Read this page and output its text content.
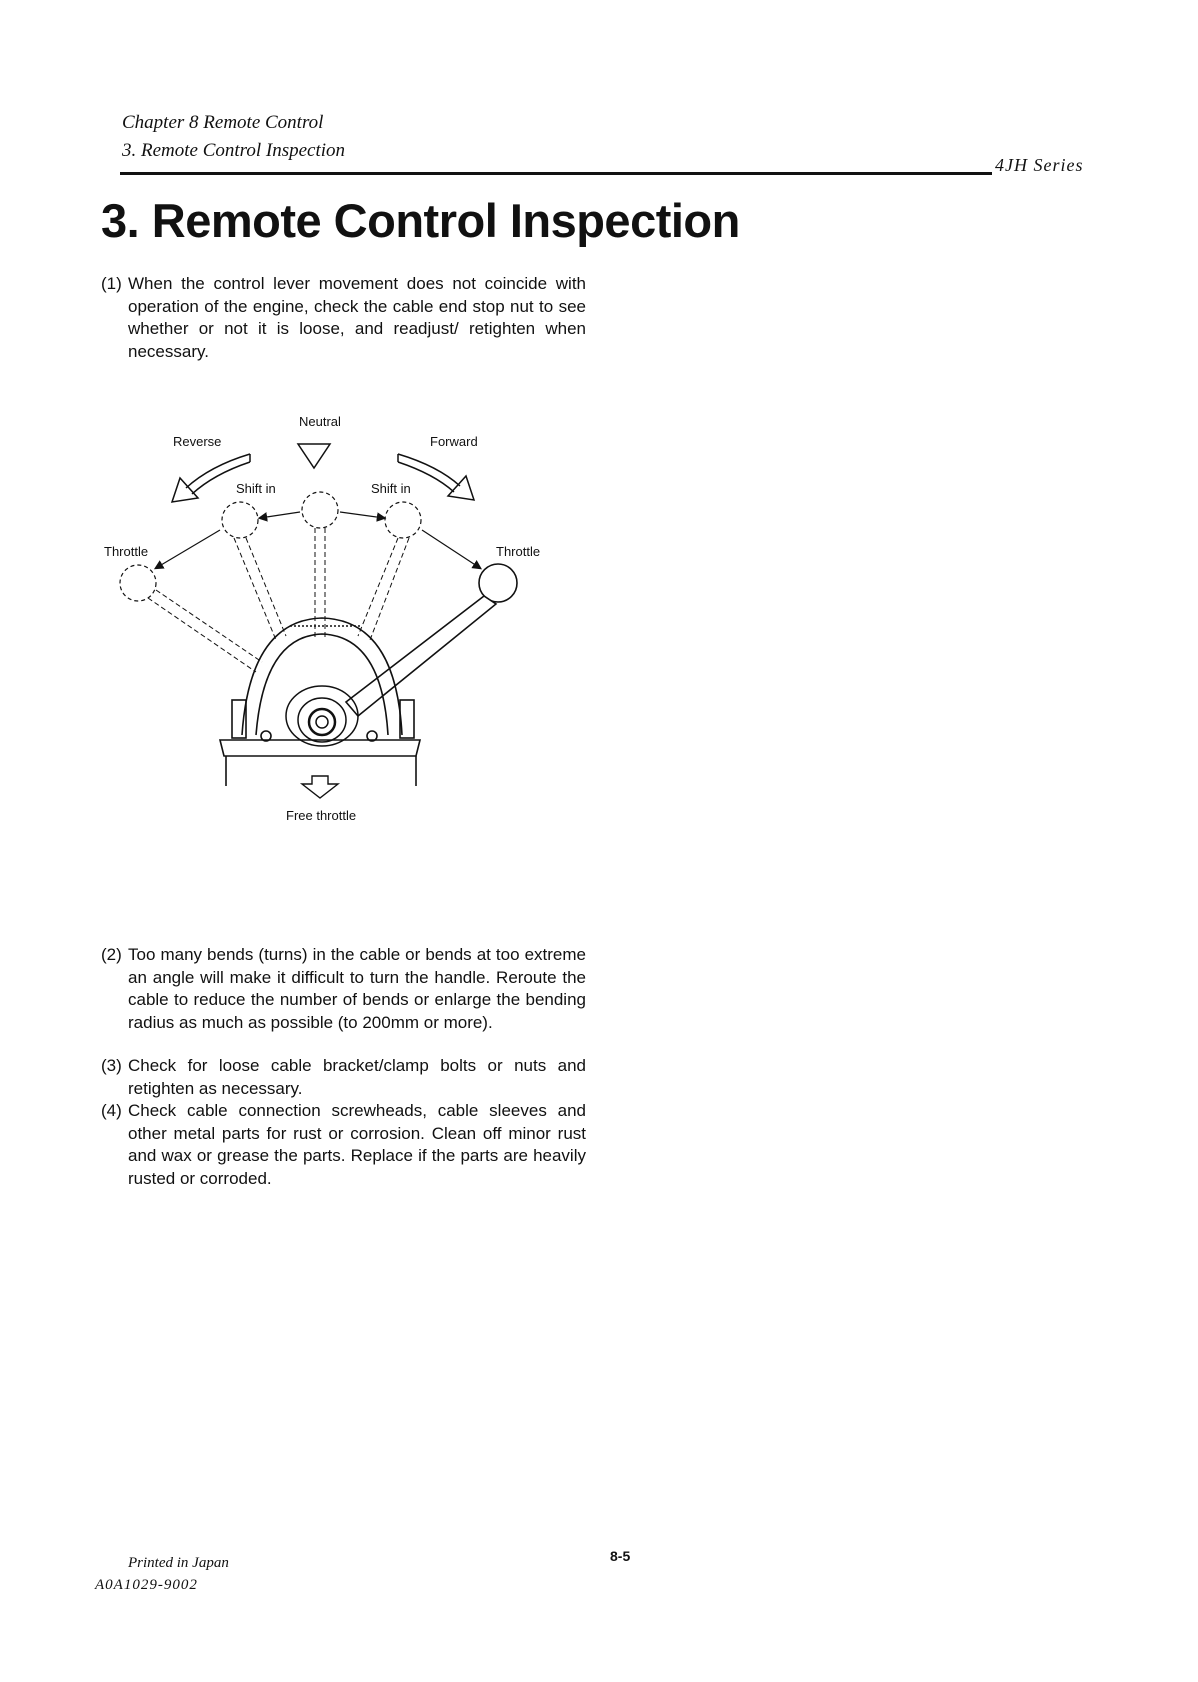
Chapter 8 Remote Control
3. Remote Control Inspection
4JH Series
3. Remote Control Inspection
(1) When the control lever movement does not coincide with operation of the engine, check the cable end stop nut to see whether or not it is loose, and readjust/ retighten when necessary.
Neutral
Reverse	Forward
Shift in	Shift in
Throttle	Throttle
Free throttle
(2) Too many bends (turns) in the cable or bends at too extreme an angle will make it difficult to turn the handle. Reroute the cable to reduce the number of bends or enlarge the bending radius as much as possible (to 200mm or more).
(3) Check for loose cable bracket/clamp bolts or nuts and retighten as necessary.
(4) Check cable connection screwheads, cable sleeves and other metal parts for rust or corrosion. Clean off minor rust and wax or grease the parts. Replace if the parts are heavily rusted or corroded.
8-5
Printed in Japan
A0A1029-9002
